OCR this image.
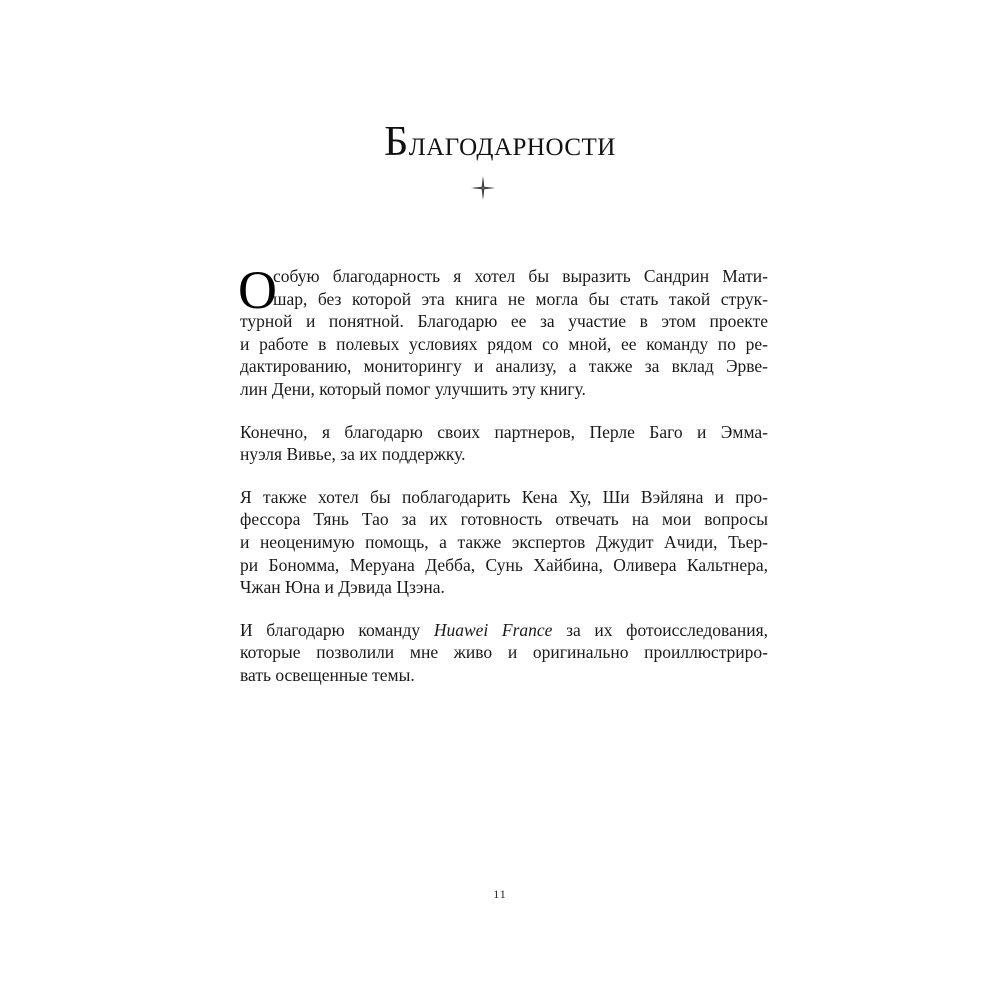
Благодарности
О
собую благодарность я хотел бы выразить Сандрин Мати-
шар, без которой эта книга не могла бы стать такой струк-
турной и понятной. Благодарю ее за участие в этом проекте
и работе в полевых условиях рядом со мной, ее команду по ре-
дактированию, мониторингу и анализу, а также за вклад Эрве-
лин Дени, который помог улучшить эту книгу.
Конечно, я благодарю своих партнеров, Перле Баго и Эмма-
нуэля Вивье, за их поддержку.
Я также хотел бы поблагодарить Кена Ху, Ши Вэйляна и про-
фессора Тянь Тао за их готовность отвечать на мои вопросы
и неоценимую помощь, а также экспертов Джудит Ачиди, Тьер-
ри Бономма, Меруана Дебба, Сунь Хайбина, Оливера Кальтнера,
Чжан Юна и Дэвида Цзэна.
И благодарю команду Huawei France за их фотоисследования,
которые позволили мне живо и оригинально проиллюстриро-
вать освещенные темы.
11
